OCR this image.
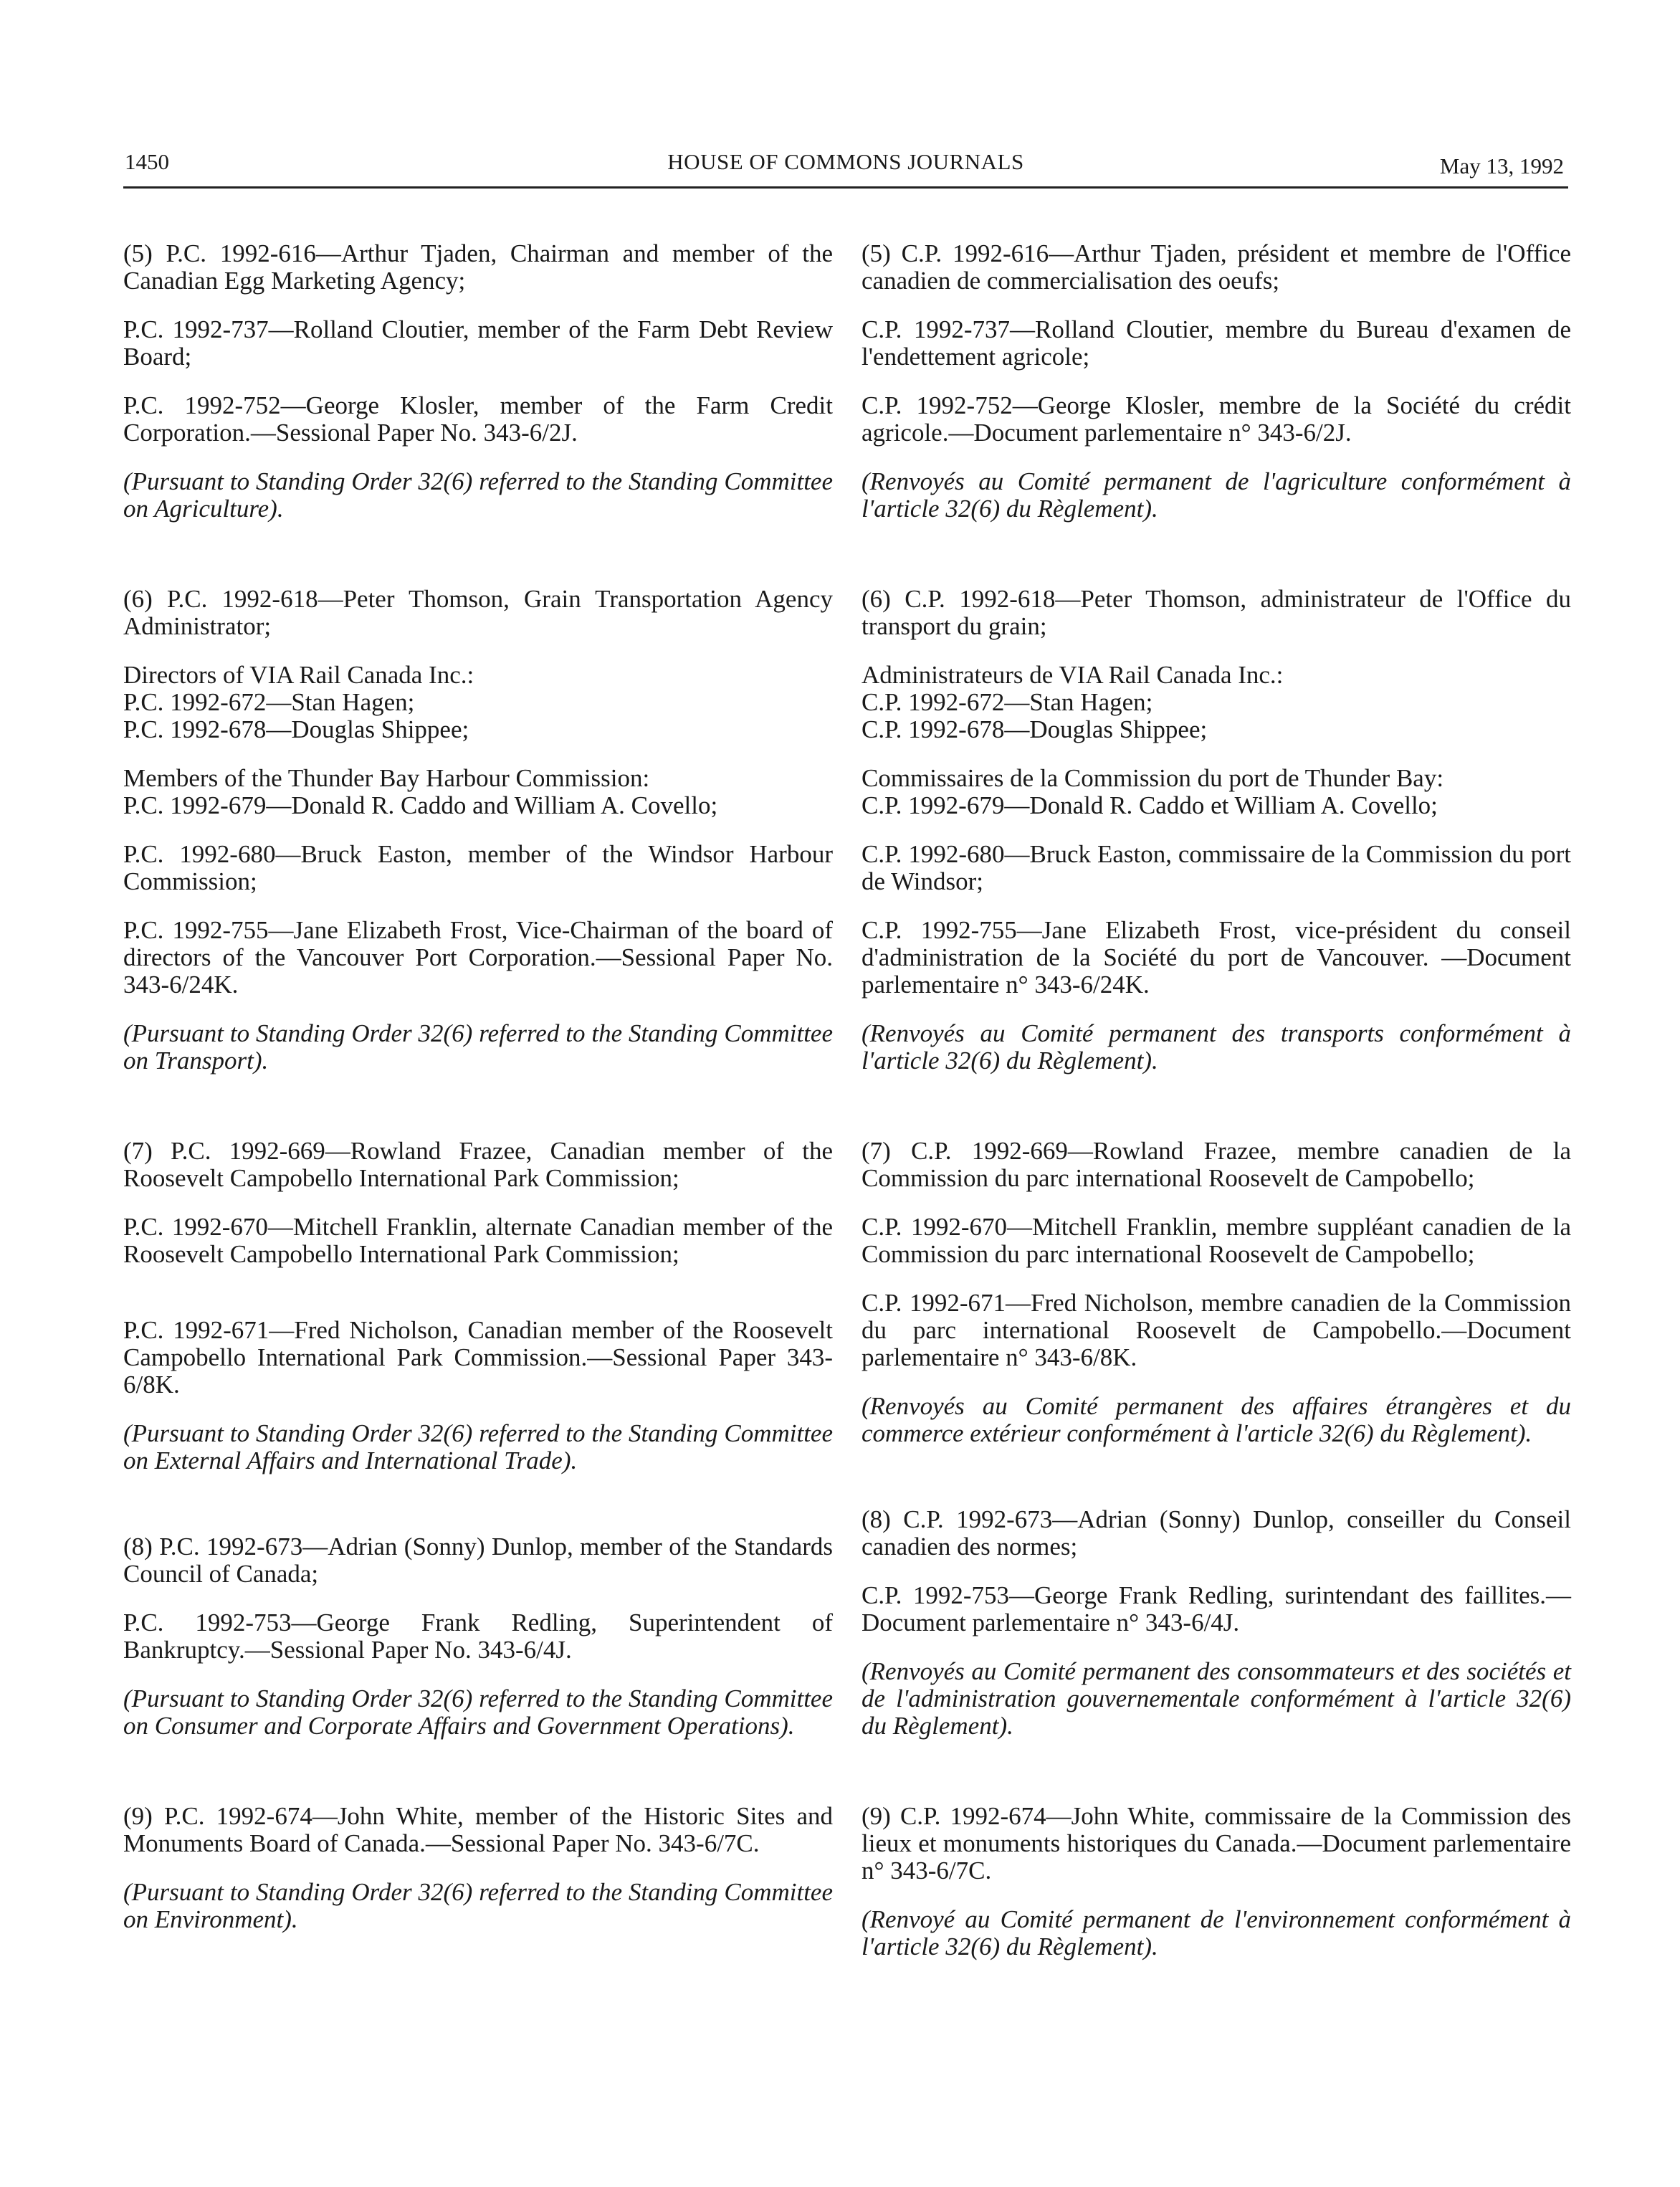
1450	HOUSE OF COMMONS JOURNALS	May 13, 1992

(5) P.C. 1992-616—Arthur Tjaden, Chairman and member of the Canadian Egg Marketing Agency;

P.C. 1992-737—Rolland Cloutier, member of the Farm Debt Review Board;

P.C. 1992-752—George Klosler, member of the Farm Credit Corporation.—Sessional Paper No. 343-6/2J.

(Pursuant to Standing Order 32(6) referred to the Standing Committee on Agriculture).

(6) P.C. 1992-618—Peter Thomson, Grain Transportation Agency Administrator;

Directors of VIA Rail Canada Inc.:

P.C. 1992-672—Stan Hagen;

P.C. 1992-678—Douglas Shippee;

Members of the Thunder Bay Harbour Commission:

P.C. 1992-679—Donald R. Caddo and William A. Covello;

P.C. 1992-680—Bruck Easton, member of the Windsor Harbour Commission;

P.C. 1992-755—Jane Elizabeth Frost, Vice-Chairman of the board of directors of the Vancouver Port Corporation.—Sessional Paper No. 343-6/24K.

(Pursuant to Standing Order 32(6) referred to the Standing Committee on Transport).

(7) P.C. 1992-669—Rowland Frazee, Canadian member of the Roosevelt Campobello International Park Commission;

P.C. 1992-670—Mitchell Franklin, alternate Canadian member of the Roosevelt Campobello International Park Commission;

P.C. 1992-671—Fred Nicholson, Canadian member of the Roosevelt Campobello International Park Commission.—Sessional Paper 343-6/8K.

(Pursuant to Standing Order 32(6) referred to the Standing Committee on External Affairs and International Trade).

(8) P.C. 1992-673—Adrian (Sonny) Dunlop, member of the Standards Council of Canada;

P.C. 1992-753—George Frank Redling, Superintendent of Bankruptcy.—Sessional Paper No. 343-6/4J.

(Pursuant to Standing Order 32(6) referred to the Standing Committee on Consumer and Corporate Affairs and Government Operations).

(9) P.C. 1992-674—John White, member of the Historic Sites and Monuments Board of Canada.—Sessional Paper No. 343-6/7C.

(Pursuant to Standing Order 32(6) referred to the Standing Committee on Environment).

(5) C.P. 1992-616—Arthur Tjaden, président et membre de l'Office canadien de commercialisation des oeufs;

C.P. 1992-737—Rolland Cloutier, membre du Bureau d'examen de l'endettement agricole;

C.P. 1992-752—George Klosler, membre de la Société du crédit agricole.—Document parlementaire n° 343-6/2J.

(Renvoyés au Comité permanent de l'agriculture conformément à l'article 32(6) du Règlement).

(6) C.P. 1992-618—Peter Thomson, administrateur de l'Office du transport du grain;

Administrateurs de VIA Rail Canada Inc.:

C.P. 1992-672—Stan Hagen;

C.P. 1992-678—Douglas Shippee;

Commissaires de la Commission du port de Thunder Bay:

C.P. 1992-679—Donald R. Caddo et William A. Covello;

C.P. 1992-680—Bruck Easton, commissaire de la Commission du port de Windsor;

C.P. 1992-755—Jane Elizabeth Frost, vice-président du conseil d'administration de la Société du port de Vancouver. —Document parlementaire n° 343-6/24K.

(Renvoyés au Comité permanent des transports conformément à l'article 32(6) du Règlement).

(7) C.P. 1992-669—Rowland Frazee, membre canadien de la Commission du parc international Roosevelt de Campobello;

C.P. 1992-670—Mitchell Franklin, membre suppléant canadien de la Commission du parc international Roosevelt de Campobello;

C.P. 1992-671—Fred Nicholson, membre canadien de la Commission du parc international Roosevelt de Campobello.—Document parlementaire n° 343-6/8K.

(Renvoyés au Comité permanent des affaires étrangères et du commerce extérieur conformément à l'article 32(6) du Règlement).

(8) C.P. 1992-673—Adrian (Sonny) Dunlop, conseiller du Conseil canadien des normes;

C.P. 1992-753—George Frank Redling, surintendant des faillites.—Document parlementaire n° 343-6/4J.

(Renvoyés au Comité permanent des consommateurs et des sociétés et de l'administration gouvernementale conformément à l'article 32(6) du Règlement).

(9) C.P. 1992-674—John White, commissaire de la Commission des lieux et monuments historiques du Canada.—Document parlementaire n° 343-6/7C.

(Renvoyé au Comité permanent de l'environnement conformément à l'article 32(6) du Règlement).
